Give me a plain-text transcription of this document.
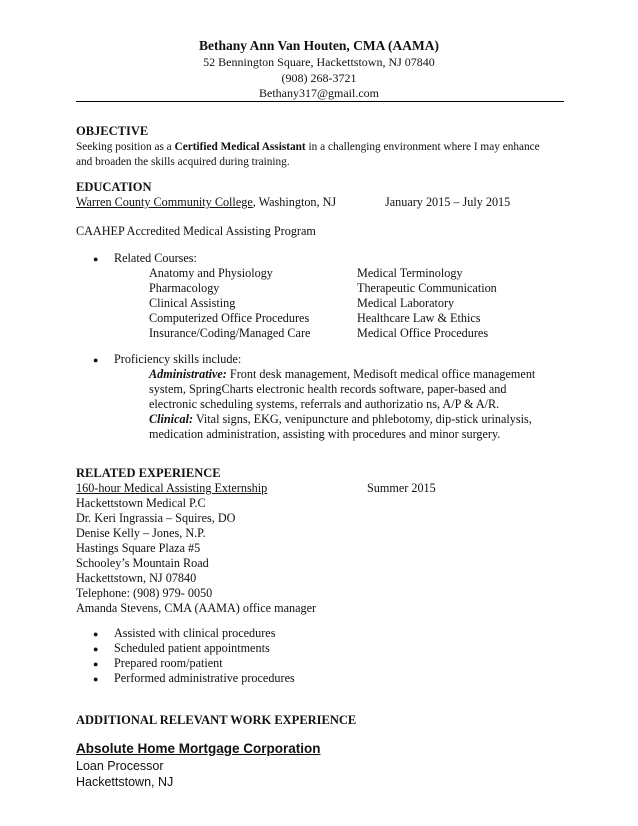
Bethany Ann Van Houten, CMA (AAMA)
52 Bennington Square, Hackettstown, NJ 07840
(908) 268-3721
Bethany317@gmail.com
OBJECTIVE
Seeking position as a Certified Medical Assistant in a challenging environment where I may enhance
and broaden the skills acquired during training.
EDUCATION
Warren County Community College, Washington, NJ	January 2015 – July 2015
CAAHEP Accredited Medical Assisting Program
● Related Courses:
Anatomy and Physiology
Pharmacology
Clinical Assisting
Computerized Office Procedures
Insurance/Coding/Managed Care
Medical Terminology
Therapeutic Communication
Medical Laboratory
Healthcare Law & Ethics
Medical Office Procedures
● Proficiency skills include:
Administrative: Front desk management, Medisoft medical office management
system, SpringCharts electronic health records software, paper-based and
electronic scheduling systems, referrals and authorizatio ns, A/P & A/R.
Clinical: Vital signs, EKG, venipuncture and phlebotomy, dip-stick urinalysis,
medication administration, assisting with procedures and minor surgery.
RELATED EXPERIENCE
160-hour Medical Assisting Externship	Summer 2015
Hackettstown Medical P.C
Dr. Keri Ingrassia – Squires, DO
Denise Kelly – Jones, N.P.
Hastings Square Plaza #5
Schooley’s Mountain Road
Hackettstown, NJ 07840
Telephone: (908) 979- 0050
Amanda Stevens, CMA (AAMA) office manager
● Assisted with clinical procedures
● Scheduled patient appointments
● Prepared room/patient
● Performed administrative procedures
ADDITIONAL RELEVANT WORK EXPERIENCE
Absolute Home Mortgage Corporation
Loan Processor
Hackettstown, NJ
